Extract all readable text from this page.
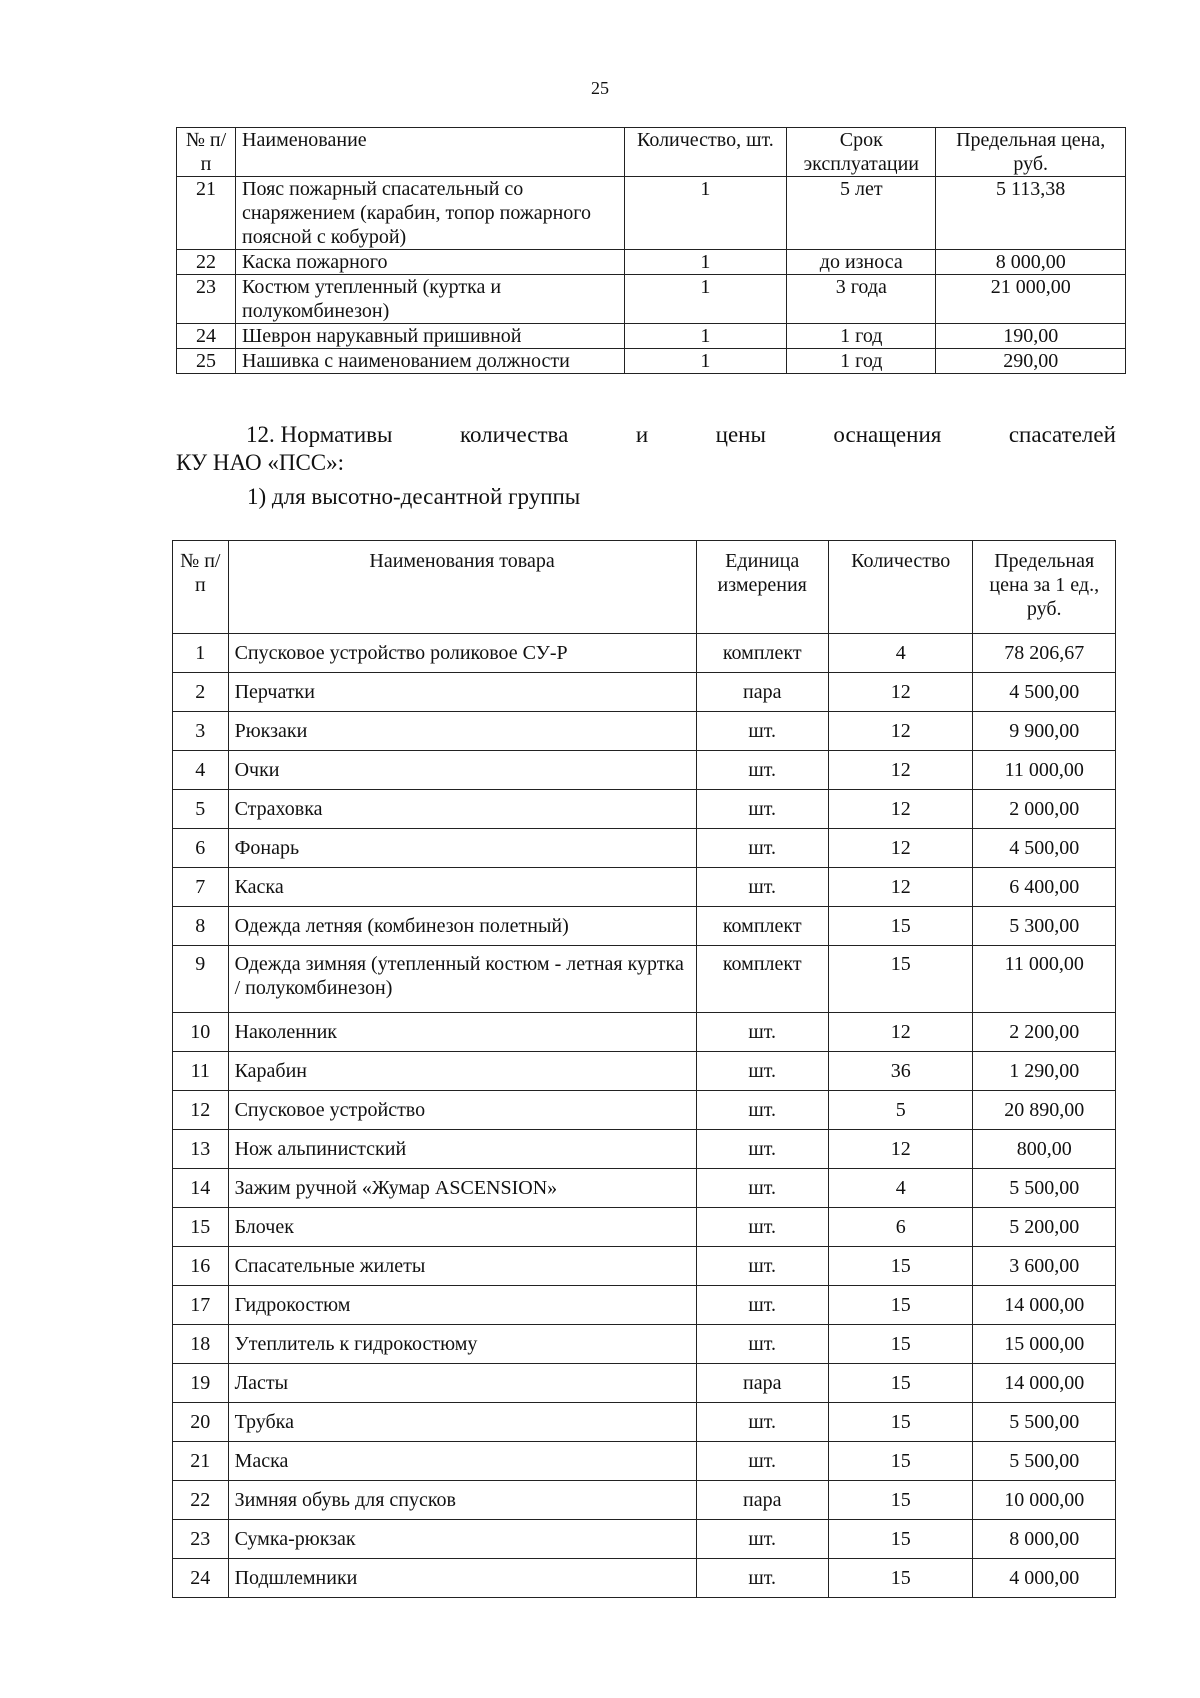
25
№ п/п	Наименование	Количество, шт.	Срок эксплуатации	Предельная цена, руб.
21	Пояс пожарный спасательный со снаряжением (карабин, топор пожарного поясной с кобурой)	1	5 лет	5 113,38
22	Каска пожарного	1	до износа	8 000,00
23	Костюм утепленный (куртка и полукомбинезон)	1	3 года	21 000,00
24	Шеврон нарукавный пришивной	1	1 год	190,00
25	Нашивка с наименованием должности	1	1 год	290,00
12. Нормативы	количества	и	цены	оснащения	спасателей
КУ НАО «ПСС»:
1) для высотно-десантной группы
№ п/п	Наименования товара	Единица измерения	Количество	Предельная цена за 1 ед., руб.
1	Спусковое устройство роликовое СУ-Р	комплект	4	78 206,67
2	Перчатки	пара	12	4 500,00
3	Рюкзаки	шт.	12	9 900,00
4	Очки	шт.	12	11 000,00
5	Страховка	шт.	12	2 000,00
6	Фонарь	шт.	12	4 500,00
7	Каска	шт.	12	6 400,00
8	Одежда летняя (комбинезон полетный)	комплект	15	5 300,00
9	Одежда зимняя (утепленный костюм - летная куртка / полукомбинезон)	комплект	15	11 000,00
10	Наколенник	шт.	12	2 200,00
11	Карабин	шт.	36	1 290,00
12	Спусковое устройство	шт.	5	20 890,00
13	Нож альпинистский	шт.	12	800,00
14	Зажим ручной «Жумар ASCENSION»	шт.	4	5 500,00
15	Блочек	шт.	6	5 200,00
16	Спасательные жилеты	шт.	15	3 600,00
17	Гидрокостюм	шт.	15	14 000,00
18	Утеплитель к гидрокостюму	шт.	15	15 000,00
19	Ласты	пара	15	14 000,00
20	Трубка	шт.	15	5 500,00
21	Маска	шт.	15	5 500,00
22	Зимняя обувь для спусков	пара	15	10 000,00
23	Сумка-рюкзак	шт.	15	8 000,00
24	Подшлемники	шт.	15	4 000,00
